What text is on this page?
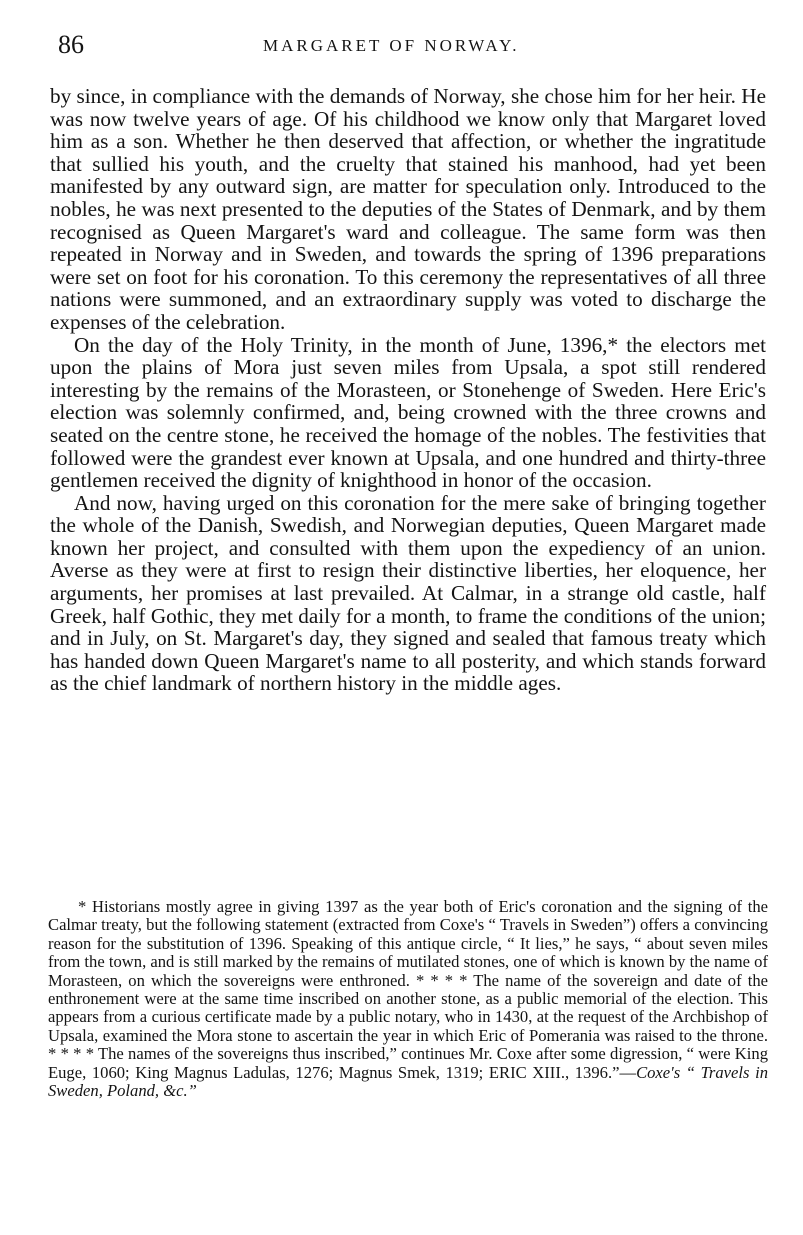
86	MARGARET OF NORWAY.

by since, in compliance with the demands of Norway, she chose him for her heir. He was now twelve years of age. Of his childhood we know only that Margaret loved him as a son. Whether he then deserved that affection, or whether the ingratitude that sullied his youth, and the cruelty that stained his manhood, had yet been manifested by any outward sign, are matter for speculation only. Introduced to the nobles, he was next presented to the deputies of the States of Denmark, and by them recognised as Queen Margaret's ward and colleague. The same form was then repeated in Norway and in Sweden, and towards the spring of 1396 preparations were set on foot for his coronation. To this ceremony the representatives of all three nations were summoned, and an extraordinary supply was voted to discharge the expenses of the celebration.

On the day of the Holy Trinity, in the month of June, 1396,* the electors met upon the plains of Mora just seven miles from Upsala, a spot still rendered interesting by the remains of the Morasteen, or Stonehenge of Sweden. Here Eric's election was solemnly confirmed, and, being crowned with the three crowns and seated on the centre stone, he received the homage of the nobles. The festivities that followed were the grandest ever known at Upsala, and one hundred and thirty-three gentlemen received the dignity of knighthood in honor of the occasion.

And now, having urged on this coronation for the mere sake of bringing together the whole of the Danish, Swedish, and Norwegian deputies, Queen Margaret made known her project, and consulted with them upon the expediency of an union. Averse as they were at first to resign their distinctive liberties, her eloquence, her arguments, her promises at last prevailed. At Calmar, in a strange old castle, half Greek, half Gothic, they met daily for a month, to frame the conditions of the union; and in July, on St. Margaret's day, they signed and sealed that famous treaty which has handed down Queen Margaret's name to all posterity, and which stands forward as the chief landmark of northern history in the middle ages.

* Historians mostly agree in giving 1397 as the year both of Eric's coronation and the signing of the Calmar treaty, but the following statement (extracted from Coxe's “ Travels in Sweden”) offers a convincing reason for the substitution of 1396. Speaking of this antique circle, “ It lies,” he says, “ about seven miles from the town, and is still marked by the remains of mutilated stones, one of which is known by the name of Morasteen, on which the sovereigns were enthroned. * * * * The name of the sovereign and date of the enthronement were at the same time inscribed on another stone, as a public memorial of the election. This appears from a curious certificate made by a public notary, who in 1430, at the request of the Archbishop of Upsala, examined the Mora stone to ascertain the year in which Eric of Pomerania was raised to the throne. * * * * The names of the sovereigns thus inscribed,” continues Mr. Coxe after some digression, “ were King Euge, 1060; King Magnus Ladulas, 1276; Magnus Smek, 1319; ERIC XIII., 1396.”—Coxe's “ Travels in Sweden, Poland, &c.”
